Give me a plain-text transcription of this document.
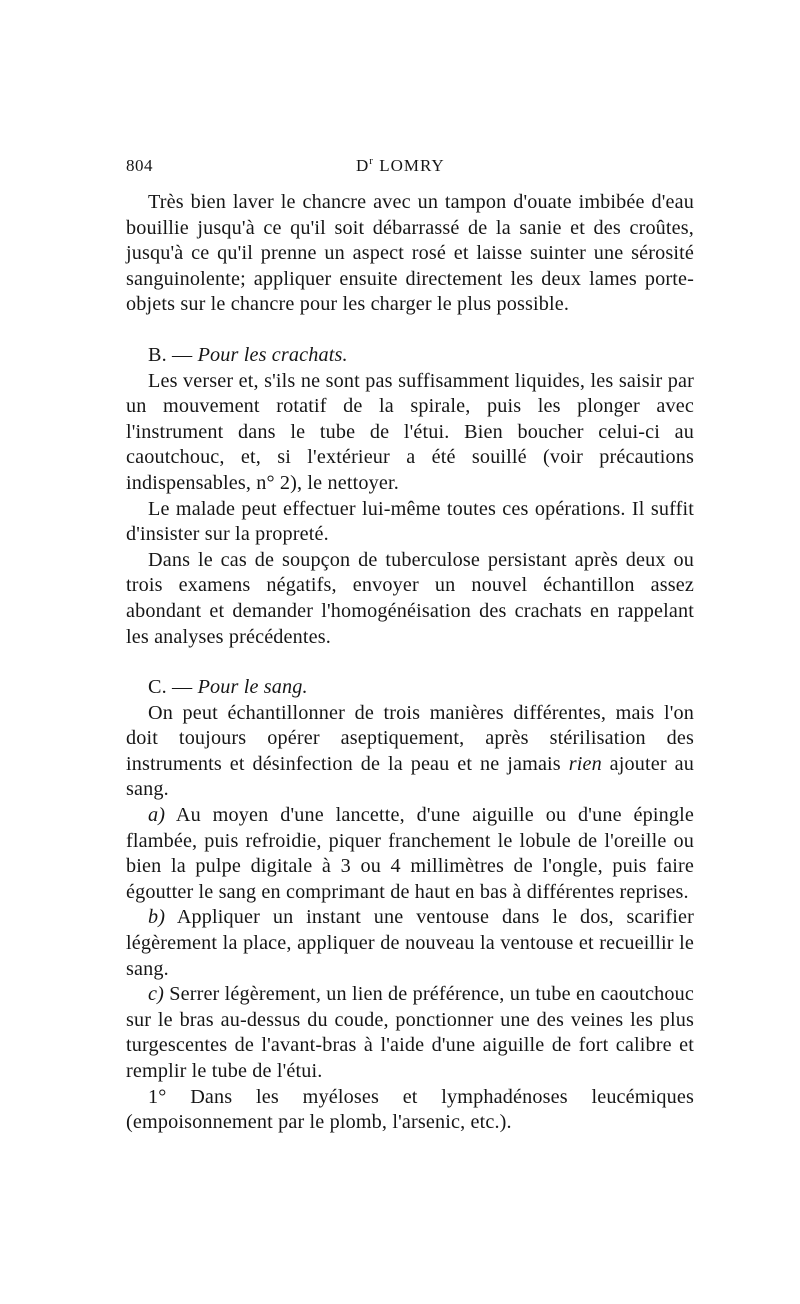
804	$D^r$ LOMRY

Très bien laver le chancre avec un tampon d'ouate imbibée d'eau bouillie jusqu'à ce qu'il soit débarrassé de la sanie et des croûtes, jusqu'à ce qu'il prenne un aspect rosé et laisse suinter une sérosité sanguinolente; appliquer ensuite directement les deux lames porte-objets sur le chancre pour les charger le plus possible.

B. — Pour les crachats.

Les verser et, s'ils ne sont pas suffisamment liquides, les saisir par un mouvement rotatif de la spirale, puis les plonger avec l'instrument dans le tube de l'étui. Bien boucher celui-ci au caoutchouc, et, si l'extérieur a été souillé (voir précautions indispensables, n° 2), le nettoyer.

Le malade peut effectuer lui-même toutes ces opérations. Il suffit d'insister sur la propreté.

Dans le cas de soupçon de tuberculose persistant après deux ou trois examens négatifs, envoyer un nouvel échantillon assez abondant et demander l'homogénéisation des crachats en rappelant les analyses précédentes.

C. — Pour le sang.

On peut échantillonner de trois manières différentes, mais l'on doit toujours opérer aseptiquement, après stérilisation des instruments et désinfection de la peau et ne jamais rien ajouter au sang.

a) Au moyen d'une lancette, d'une aiguille ou d'une épingle flambée, puis refroidie, piquer franchement le lobule de l'oreille ou bien la pulpe digitale à 3 ou 4 millimètres de l'ongle, puis faire égoutter le sang en comprimant de haut en bas à différentes reprises.

b) Appliquer un instant une ventouse dans le dos, scarifier légèrement la place, appliquer de nouveau la ventouse et recueillir le sang.

c) Serrer légèrement, un lien de préférence, un tube en caoutchouc sur le bras au-dessus du coude, ponctionner une des veines les plus turgescentes de l'avant-bras à l'aide d'une aiguille de fort calibre et remplir le tube de l'étui.

1° Dans les myéloses et lymphadénoses leucémiques (empoisonnement par le plomb, l'arsenic, etc.).
